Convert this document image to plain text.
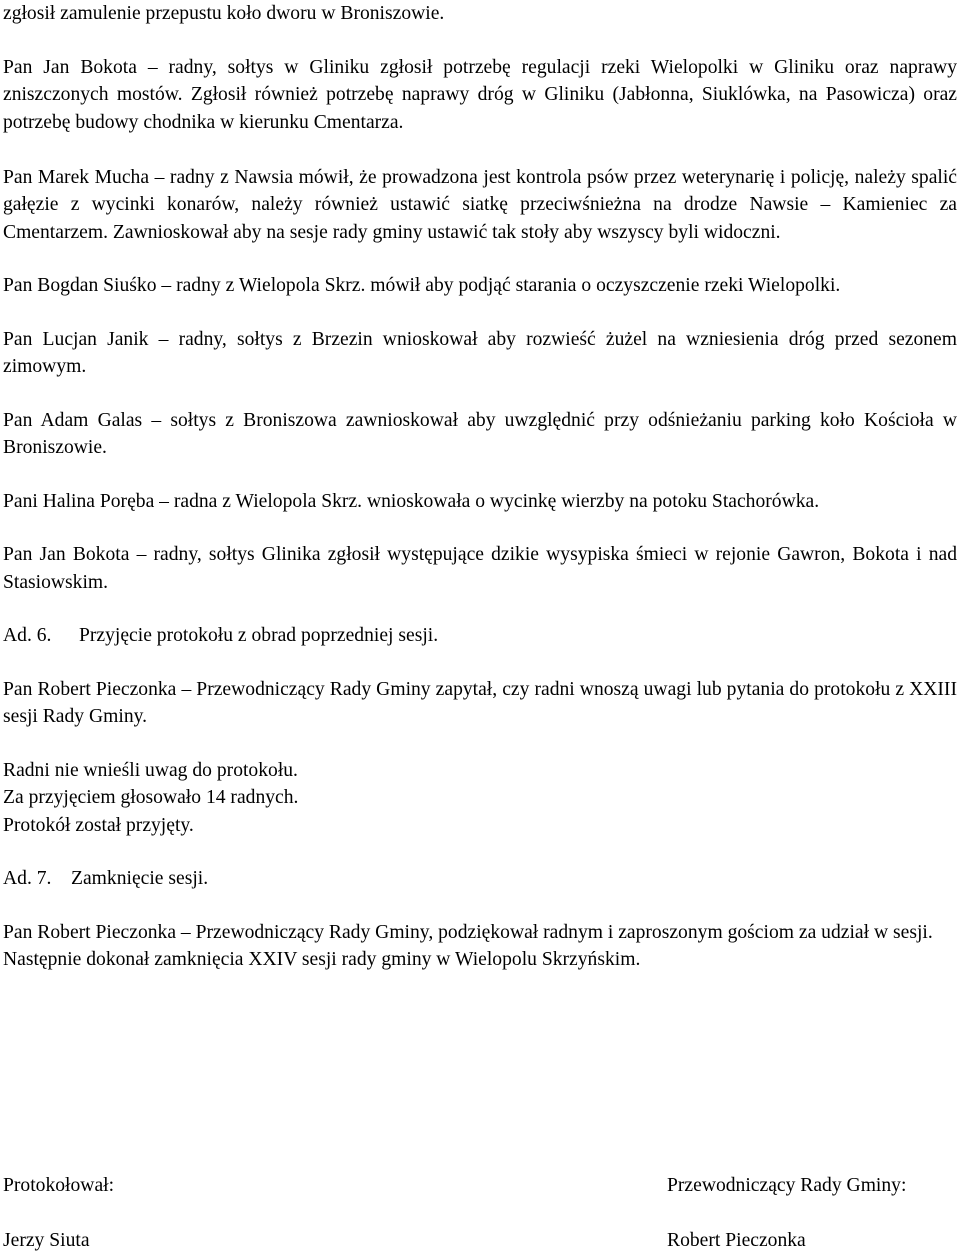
zgłosił zamulenie przepustu koło dworu w Broniszowie.

Pan Jan Bokota – radny, sołtys w Gliniku zgłosił potrzebę regulacji rzeki Wielopolki w Gliniku oraz naprawy zniszczonych mostów. Zgłosił również potrzebę naprawy dróg w Gliniku (Jabłonna, Siuklówka, na Pasowicza) oraz potrzebę budowy chodnika w kierunku Cmentarza.

Pan Marek Mucha – radny z Nawsia mówił, że prowadzona jest kontrola psów przez weterynarię i policję, należy spalić gałęzie z wycinki konarów, należy również ustawić siatkę przeciwśnieżna na drodze Nawsie – Kamieniec za Cmentarzem. Zawnioskował aby na sesje rady gminy ustawić tak stoły aby wszyscy byli widoczni.

Pan Bogdan Siuśko – radny z Wielopola Skrz. mówił aby podjąć starania o oczyszczenie rzeki Wielopolki.

Pan Lucjan Janik – radny, sołtys z Brzezin wnioskował aby rozwieść żużel na wzniesienia dróg przed sezonem zimowym.

Pan Adam Galas – sołtys z Broniszowa zawnioskował aby uwzględnić przy odśnieżaniu parking koło Kościoła w Broniszowie.

Pani Halina Poręba – radna z Wielopola Skrz. wnioskowała o wycinkę wierzby na potoku Stachorówka.

Pan Jan Bokota – radny, sołtys Glinika zgłosił występujące dzikie wysypiska śmieci w rejonie Gawron, Bokota i nad Stasiowskim.

Ad. 6. Przyjęcie protokołu z obrad poprzedniej sesji.

Pan Robert Pieczonka – Przewodniczący Rady Gminy zapytał, czy radni wnoszą uwagi lub pytania do protokołu z XXIII sesji Rady Gminy.

Radni nie wnieśli uwag do protokołu.
Za przyjęciem głosowało 14 radnych.
Protokół został przyjęty.

Ad. 7. Zamknięcie sesji.

Pan Robert Pieczonka – Przewodniczący Rady Gminy, podziękował radnym i zaproszonym gościom za udział w sesji.

Następnie dokonał zamknięcia XXIV sesji rady gminy w Wielopolu Skrzyńskim.

Protokołował:
Jerzy Siuta
Przewodniczący Rady Gminy:
Robert Pieczonka
